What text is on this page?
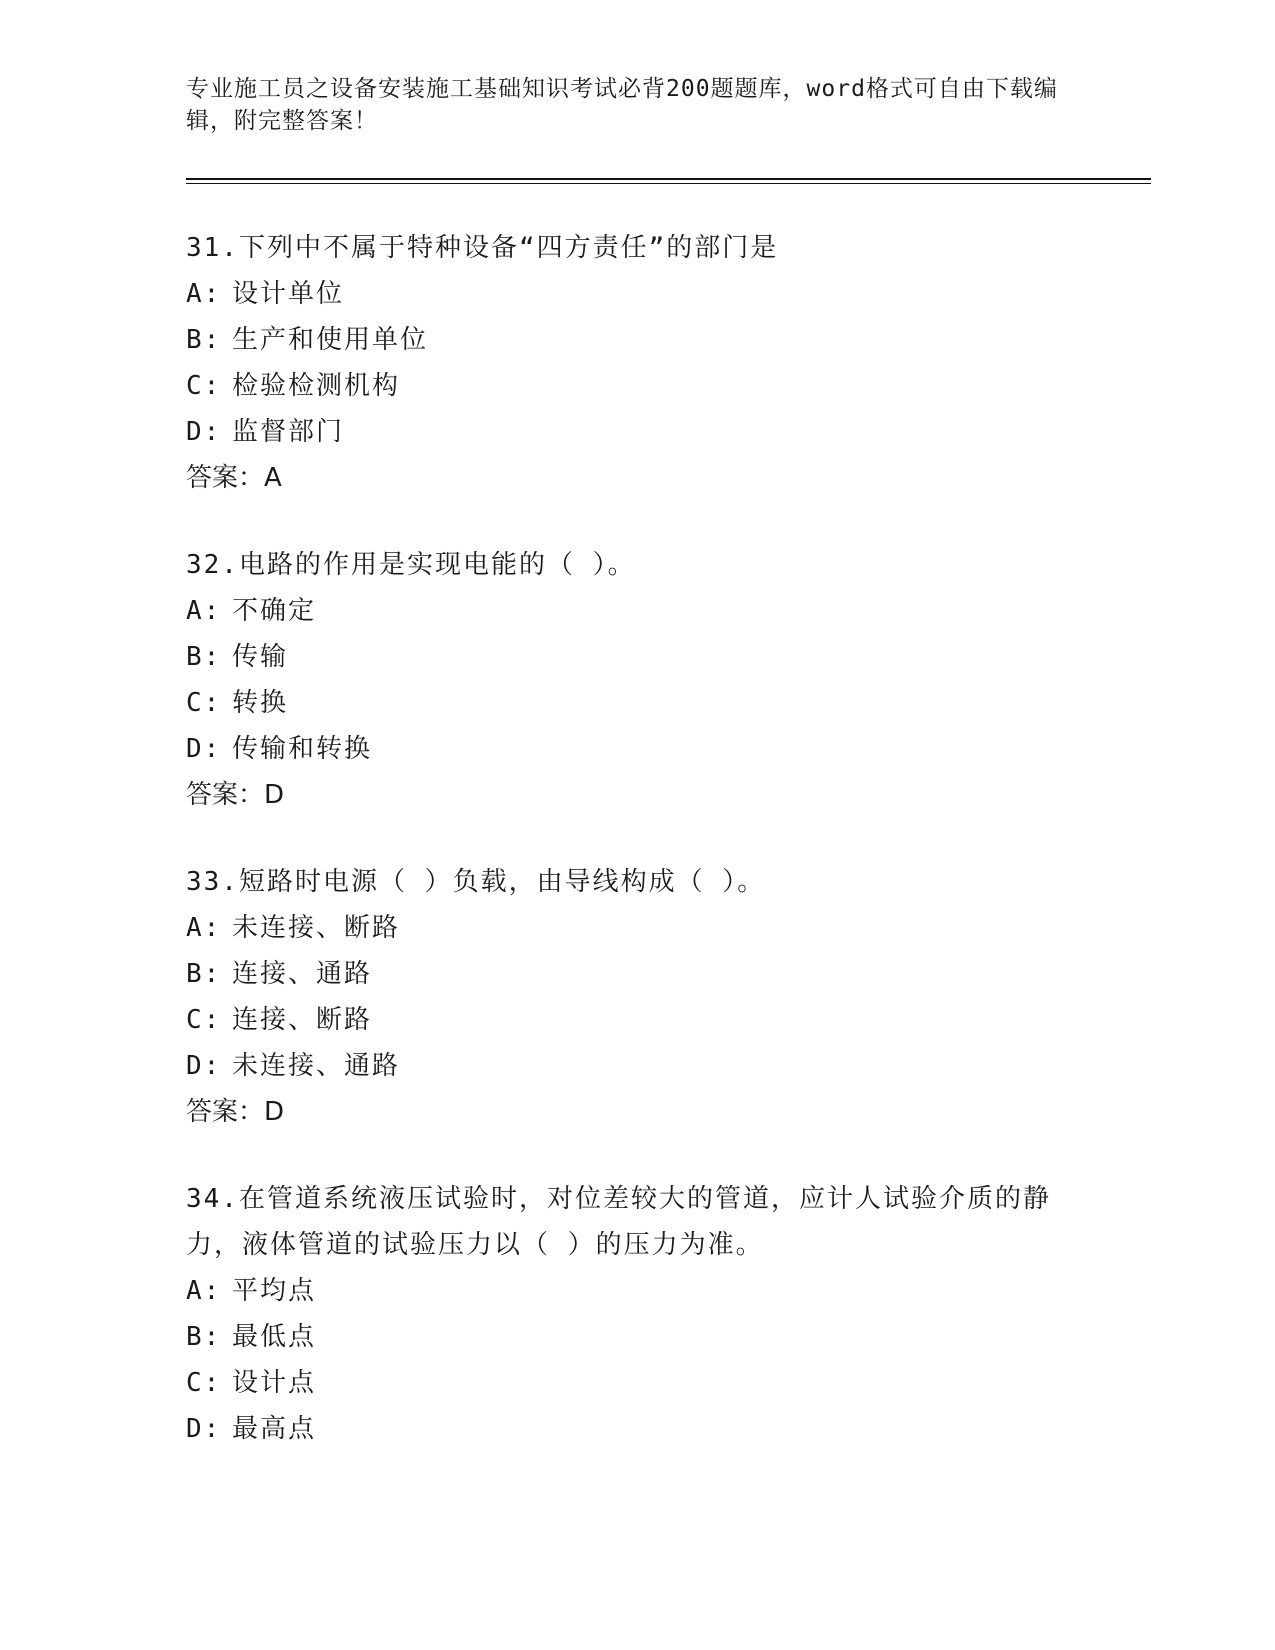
专业施工员之设备安装施工基础知识考试必背200题题库，word格式可自由下载编辑，附完整答案！

31.下列中不属于特种设备“四方责任”的部门是

A: 设计单位

B: 生产和使用单位

C: 检验检测机构

D: 监督部门

答案：A

32.电路的作用是实现电能的（ ）。

A: 不确定

B: 传输

C: 转换

D: 传输和转换

答案：D

33.短路时电源（ ）负载，由导线构成（ ）。

A: 未连接、断路

B: 连接、通路

C: 连接、断路

D: 未连接、通路

答案：D

34.在管道系统液压试验时，对位差较大的管道，应计人试验介质的静力，液体管道的试验压力以（ ）的压力为准。

A: 平均点

B: 最低点

C: 设计点

D: 最高点
